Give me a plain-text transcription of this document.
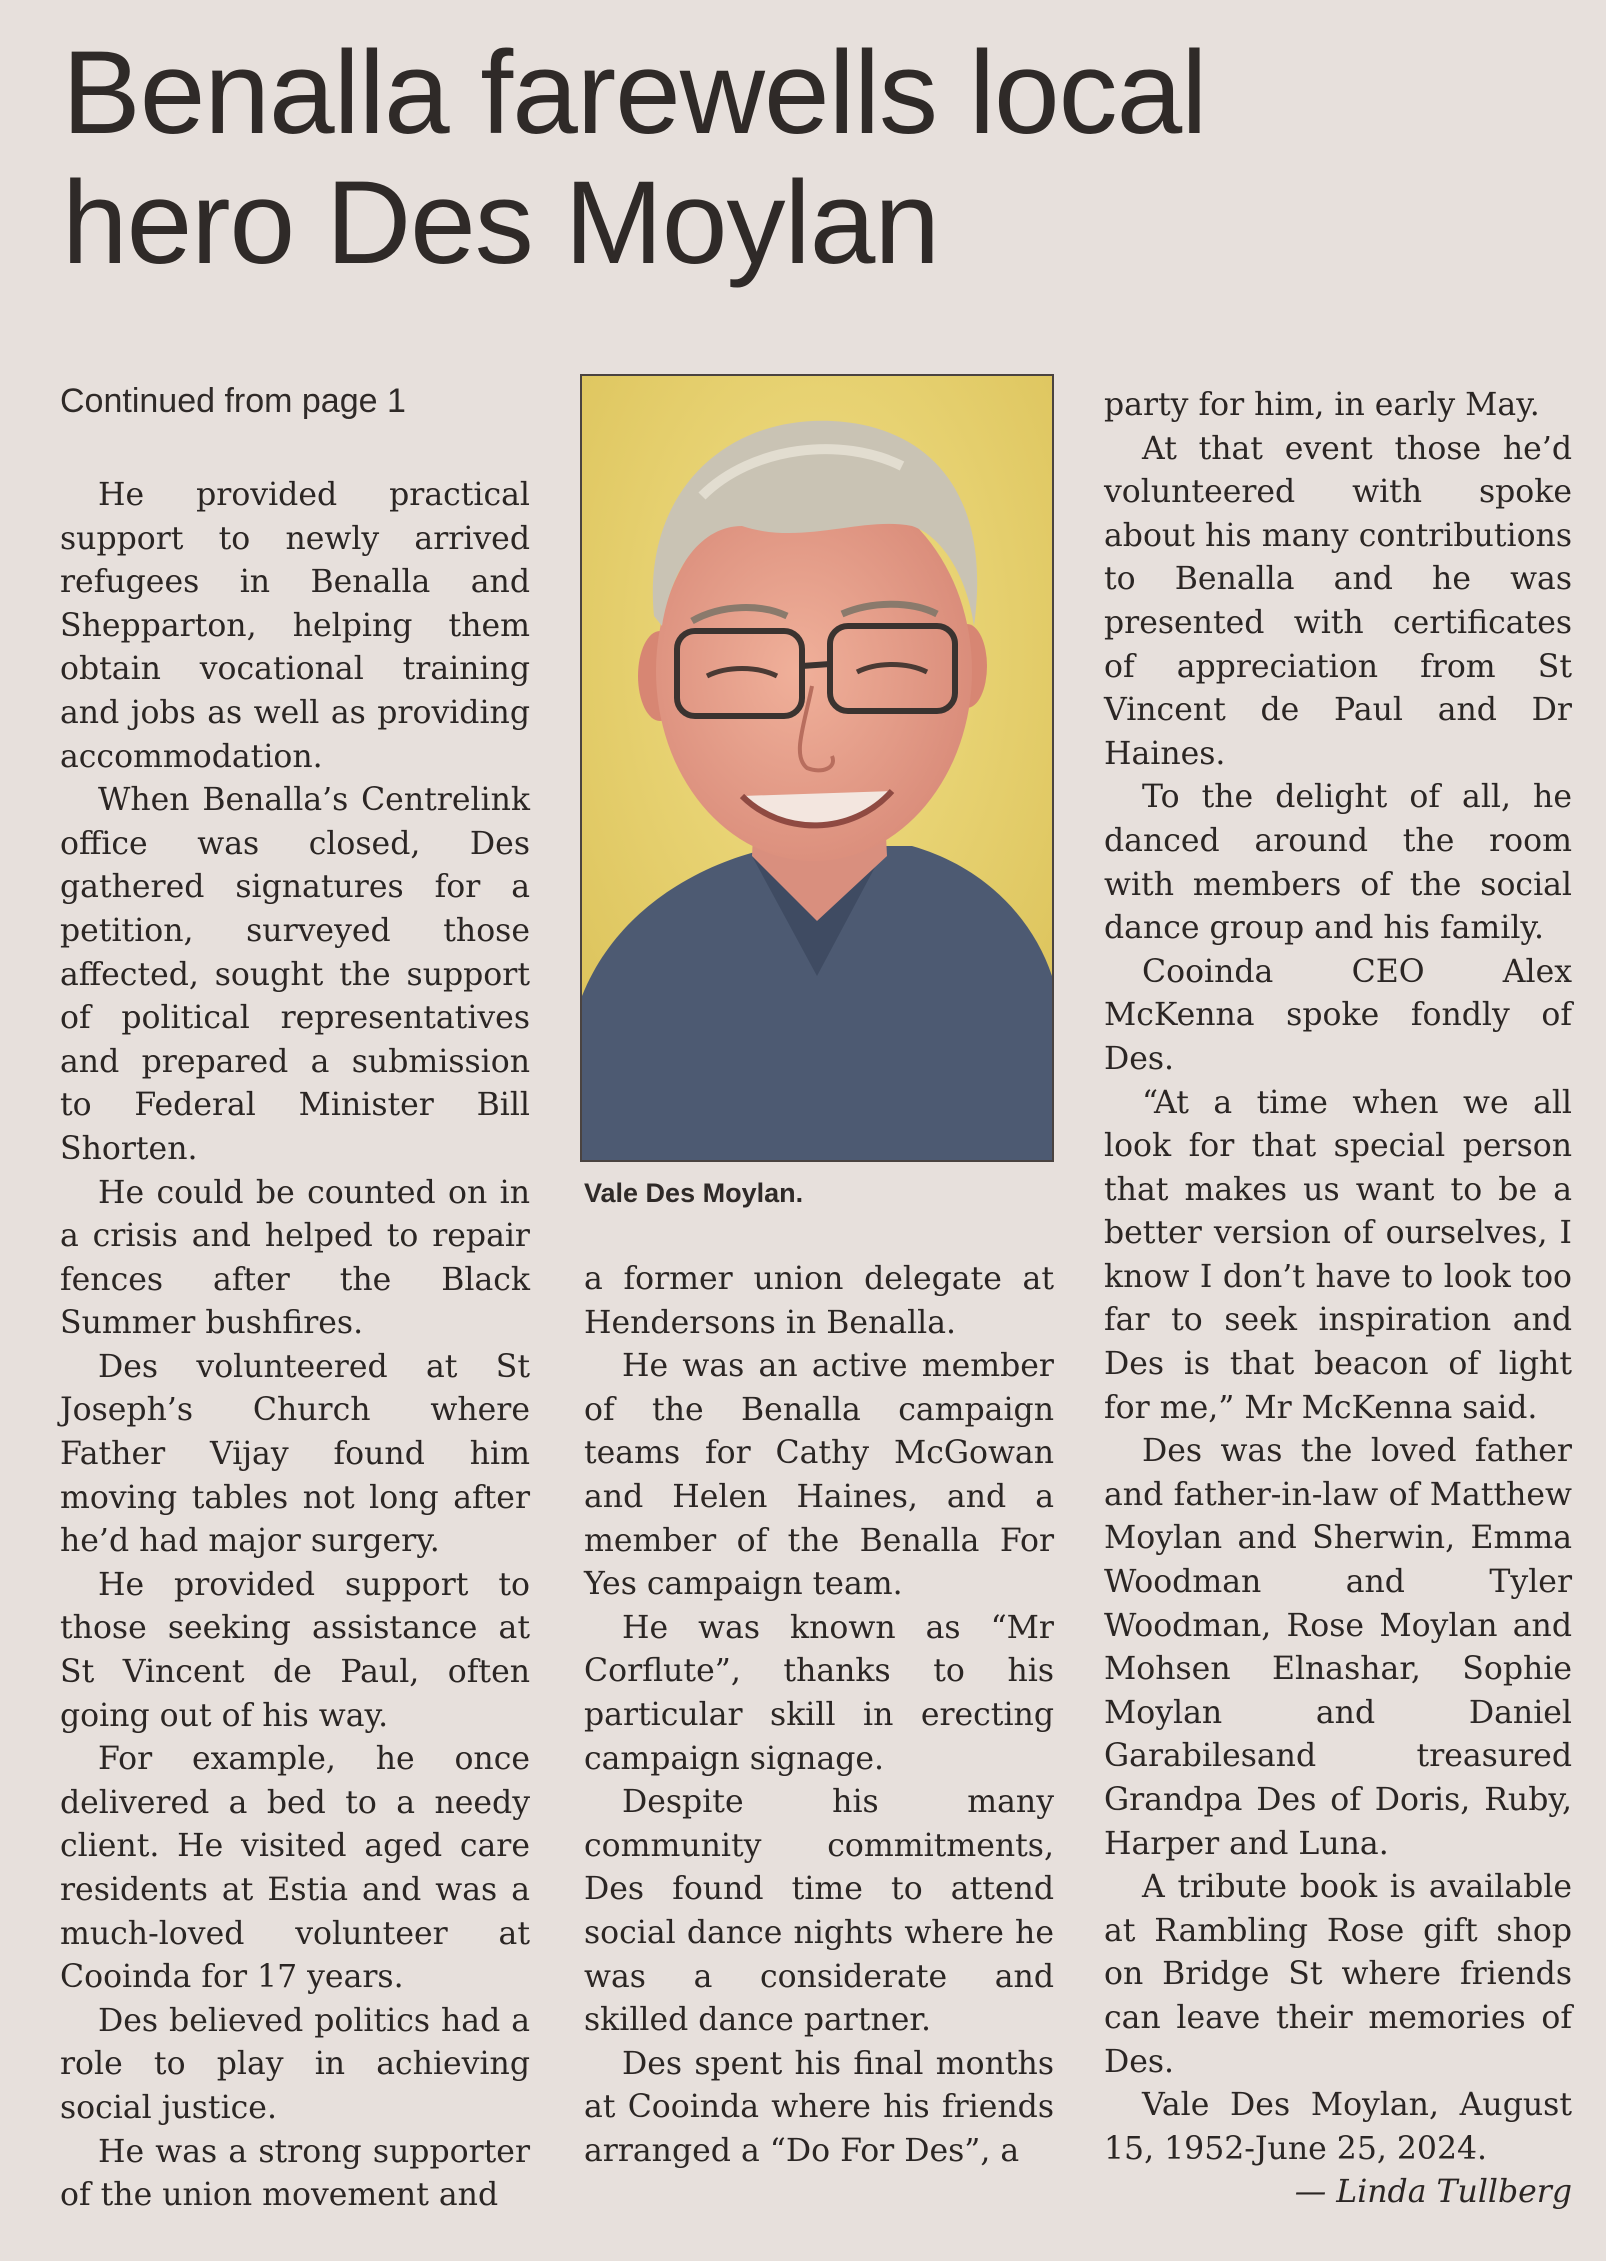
Benalla farewells local
hero Des Moylan
Continued from page 1

He provided practical support to newly arrived refugees in Benalla and Shepparton, helping them obtain vocational training and jobs as well as providing accommodation.

When Benalla’s Centrelink office was closed, Des gathered signatures for a petition, surveyed those affected, sought the support of political representatives and prepared a submission to Federal Minister Bill Shorten.

He could be counted on in a crisis and helped to repair fences after the Black Summer bushfires.

Des volunteered at St Joseph’s Church where Father Vijay found him moving tables not long after he’d had major surgery.

He provided support to those seeking assistance at St Vincent de Paul, often going out of his way.

For example, he once delivered a bed to a needy client. He visited aged care residents at Estia and was a much-loved volunteer at Cooinda for 17 years.

Des believed politics had a role to play in achieving social justice.

He was a strong supporter of the union movement and

Vale Des Moylan.

a former union delegate at Hendersons in Benalla.

He was an active member of the Benalla campaign teams for Cathy McGowan and Helen Haines, and a member of the Benalla For Yes campaign team.

He was known as “Mr Corflute”, thanks to his particular skill in erecting campaign signage.

Despite his many community commitments, Des found time to attend social dance nights where he was a considerate and skilled dance partner.

Des spent his final months at Cooinda where his friends arranged a “Do For Des”, a

party for him, in early May.

At that event those he’d volunteered with spoke about his many contributions to Benalla and he was presented with certificates of appreciation from St Vincent de Paul and Dr Haines.

To the delight of all, he danced around the room with members of the social dance group and his family.

Cooinda CEO Alex McKenna spoke fondly of Des.

“At a time when we all look for that special person that makes us want to be a better version of ourselves, I know I don’t have to look too far to seek inspiration and Des is that beacon of light for me,” Mr McKenna said.

Des was the loved father and father-in-law of Matthew Moylan and Sherwin, Emma Woodman and Tyler Woodman, Rose Moylan and Mohsen Elnashar, Sophie Moylan and Daniel Garabilesand treasured Grandpa Des of Doris, Ruby, Harper and Luna.

A tribute book is available at Rambling Rose gift shop on Bridge St where friends can leave their memories of Des.

Vale Des Moylan, August 15, 1952-June 25, 2024.

— Linda Tullberg
